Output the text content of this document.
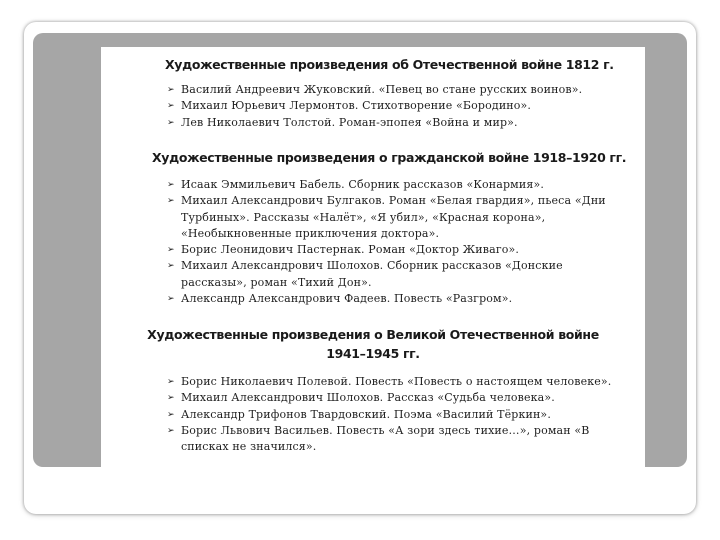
Художественные произведения об Отечественной войне 1812 г.
➢ Василий Андреевич Жуковский. «Певец во стане русских воинов».
➢ Михаил Юрьевич Лермонтов. Стихотворение «Бородино».
➢ Лев Николаевич Толстой. Роман-эпопея «Война и мир».
Художественные произведения о гражданской войне 1918–1920 гг.
➢ Исаак Эммильевич Бабель. Сборник рассказов «Конармия».
➢ Михаил Александрович Булгаков. Роман «Белая гвардия», пьеса «Дни Турбиных». Рассказы «Налёт», «Я убил», «Красная корона», «Необыкновенные приключения доктора».
➢ Борис Леонидович Пастернак. Роман «Доктор Живаго».
➢ Михаил Александрович Шолохов. Сборник рассказов «Донские рассказы», роман «Тихий Дон».
➢ Александр Александрович Фадеев. Повесть «Разгром».
Художественные произведения о Великой Отечественной войне
1941–1945 гг.
➢ Борис Николаевич Полевой. Повесть «Повесть о настоящем человеке».
➢ Михаил Александрович Шолохов. Рассказ «Судьба человека».
➢ Александр Трифонов Твардовский. Поэма «Василий Тёркин».
➢ Борис Львович Васильев. Повесть «А зори здесь тихие…», роман «В списках не значился».
